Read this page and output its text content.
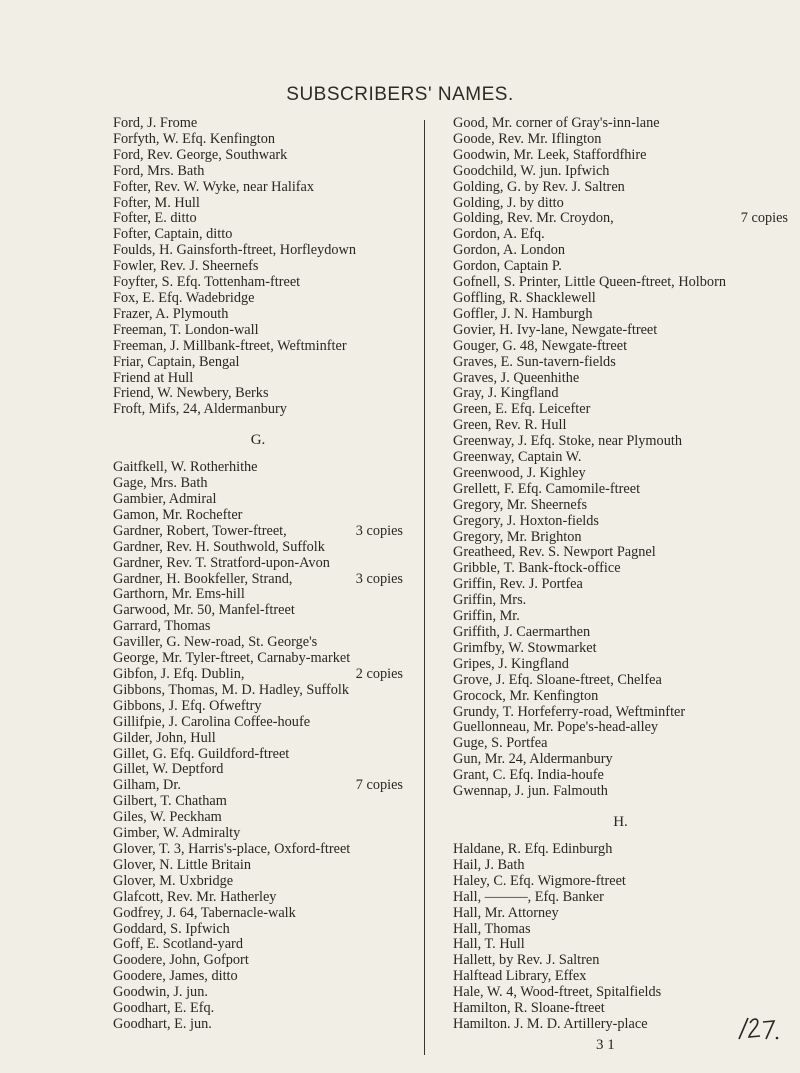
SUBSCRIBERS' NAMES.
Ford, J. Frome
Forfyth, W. Efq. Kenfington
Ford, Rev. George, Southwark
Ford, Mrs. Bath
Fofter, Rev. W. Wyke, near Halifax
Fofter, M. Hull
Fofter, E. ditto
Fofter, Captain, ditto
Foulds, H. Gainsforth-ftreet, Horfleydown
Fowler, Rev. J. Sheernefs
Foyfter, S. Efq. Tottenham-ftreet
Fox, E. Efq. Wadebridge
Frazer, A. Plymouth
Freeman, T. London-wall
Freeman, J. Millbank-ftreet, Weftminfter
Friar, Captain, Bengal
Friend at Hull
Friend, W. Newbery, Berks
Froft, Mifs, 24, Aldermanbury
G.
Gaitfkell, W. Rotherhithe
Gage, Mrs. Bath
Gambier, Admiral
Gamon, Mr. Rochefter
Gardner, Robert, Tower-ftreet,	3 copies
Gardner, Rev. H. Southwold, Suffolk
Gardner, Rev. T. Stratford-upon-Avon
Gardner, H. Bookfeller, Strand,	3 copies
Garthorn, Mr. Ems-hill
Garwood, Mr. 50, Manfel-ftreet
Garrard, Thomas
Gaviller, G. New-road, St. George's
George, Mr. Tyler-ftreet, Carnaby-market
Gibfon, J. Efq. Dublin,	2 copies
Gibbons, Thomas, M. D. Hadley, Suffolk
Gibbons, J. Efq. Ofweftry
Gillifpie, J. Carolina Coffee-houfe
Gilder, John, Hull
Gillet, G. Efq. Guildford-ftreet
Gillet, W. Deptford
Gilham, Dr.	7 copies
Gilbert, T. Chatham
Giles, W. Peckham
Gimber, W. Admiralty
Glover, T. 3, Harris's-place, Oxford-ftreet
Glover, N. Little Britain
Glover, M. Uxbridge
Glafcott, Rev. Mr. Hatherley
Godfrey, J. 64, Tabernacle-walk
Goddard, S. Ipfwich
Goff, E. Scotland-yard
Goodere, John, Gofport
Goodere, James, ditto
Goodwin, J. jun.
Goodhart, E. Efq.
Goodhart, E. jun.
Good, Mr. corner of Gray's-inn-lane
Goode, Rev. Mr. Iflington
Goodwin, Mr. Leek, Staffordfhire
Goodchild, W. jun. Ipfwich
Golding, G. by Rev. J. Saltren
Golding, J. by ditto
Golding, Rev. Mr. Croydon,	7 copies
Gordon, A. Efq.
Gordon, A. London
Gordon, Captain P.
Gofnell, S. Printer, Little Queen-ftreet, Holborn
Goffling, R. Shacklewell
Goffler, J. N. Hamburgh
Govier, H. Ivy-lane, Newgate-ftreet
Gouger, G. 48, Newgate-ftreet
Graves, E. Sun-tavern-fields
Graves, J. Queenhithe
Gray, J. Kingfland
Green, E. Efq. Leicefter
Green, Rev. R. Hull
Greenway, J. Efq. Stoke, near Plymouth
Greenway, Captain W.
Greenwood, J. Kighley
Grellett, F. Efq. Camomile-ftreet
Gregory, Mr. Sheernefs
Gregory, J. Hoxton-fields
Gregory, Mr. Brighton
Greatheed, Rev. S. Newport Pagnel
Gribble, T. Bank-ftock-office
Griffin, Rev. J. Portfea
Griffin, Mrs.
Griffin, Mr.
Griffith, J. Caermarthen
Grimfby, W. Stowmarket
Gripes, J. Kingfland
Grove, J. Efq. Sloane-ftreet, Chelfea
Grocock, Mr. Kenfington
Grundy, T. Horfeferry-road, Weftminfter
Guellonneau, Mr. Pope's-head-alley
Guge, S. Portfea
Gun, Mr. 24, Aldermanbury
Grant, C. Efq. India-houfe
Gwennap, J. jun. Falmouth
H.
Haldane, R. Efq. Edinburgh
Hail, J. Bath
Haley, C. Efq. Wigmore-ftreet
Hall, ———, Efq. Banker
Hall, Mr. Attorney
Hall, Thomas
Hall, T. Hull
Hallett, by Rev. J. Saltren
Halftead Library, Effex
Hale, W. 4, Wood-ftreet, Spitalfields
Hamilton, R. Sloane-ftreet
Hamilton. J. M. D. Artillery-place
3 1
